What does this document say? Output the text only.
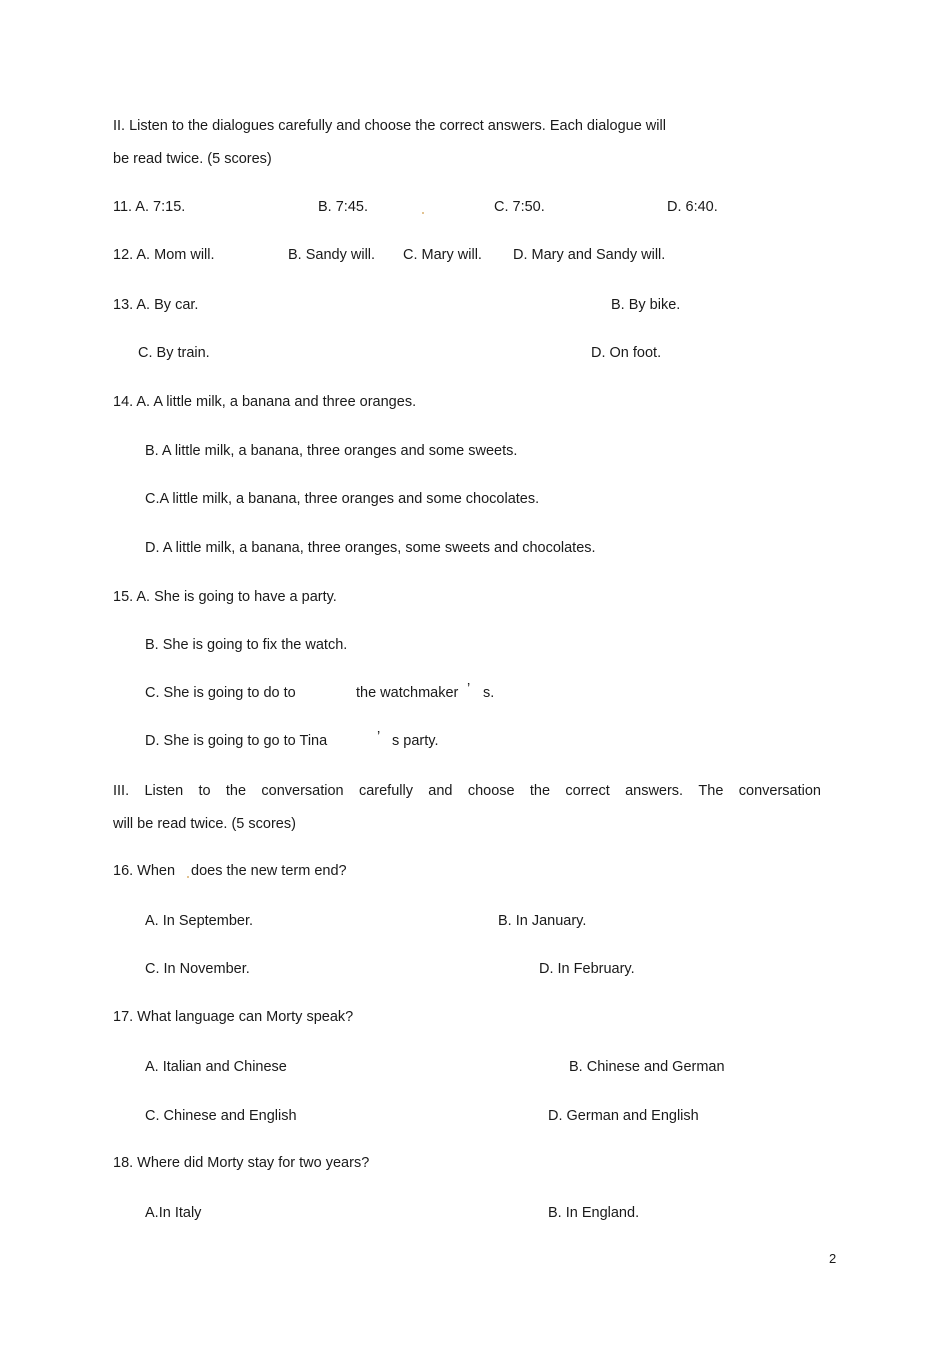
II. Listen to the dialogues carefully and choose the correct answers. Each dialogue will
be read twice. (5 scores)
11. A. 7:15.	B. 7:45.	C. 7:50.	D. 6:40.
12. A. Mom will.	B. Sandy will. C. Mary will. D. Mary and Sandy will.
13. A. By car.	B. By bike.
C. By train.	D. On foot.
14. A. A little milk, a banana and three oranges.
B. A little milk, a banana, three oranges and some sweets.
C.A little milk, a banana, three oranges and some chocolates.
D. A little milk, a banana, three oranges, some sweets and chocolates.
15. A. She is going to have a party.
B. She is going to fix the watch.
C. She is going to do to	the watchmaker ’ s.
D. She is going to go to Tina	’ s party.
III. Listen to the conversation carefully and choose the correct answers. The conversation
will be read twice. (5 scores)
16. When does the new term end?
A. In September.	B. In January.
C. In November.	D. In February.
17. What language can Morty speak?
A. Italian and Chinese	B. Chinese and German
C. Chinese and English	D. German and English
18. Where did Morty stay for two years?
A.In Italy	B. In England.
2
